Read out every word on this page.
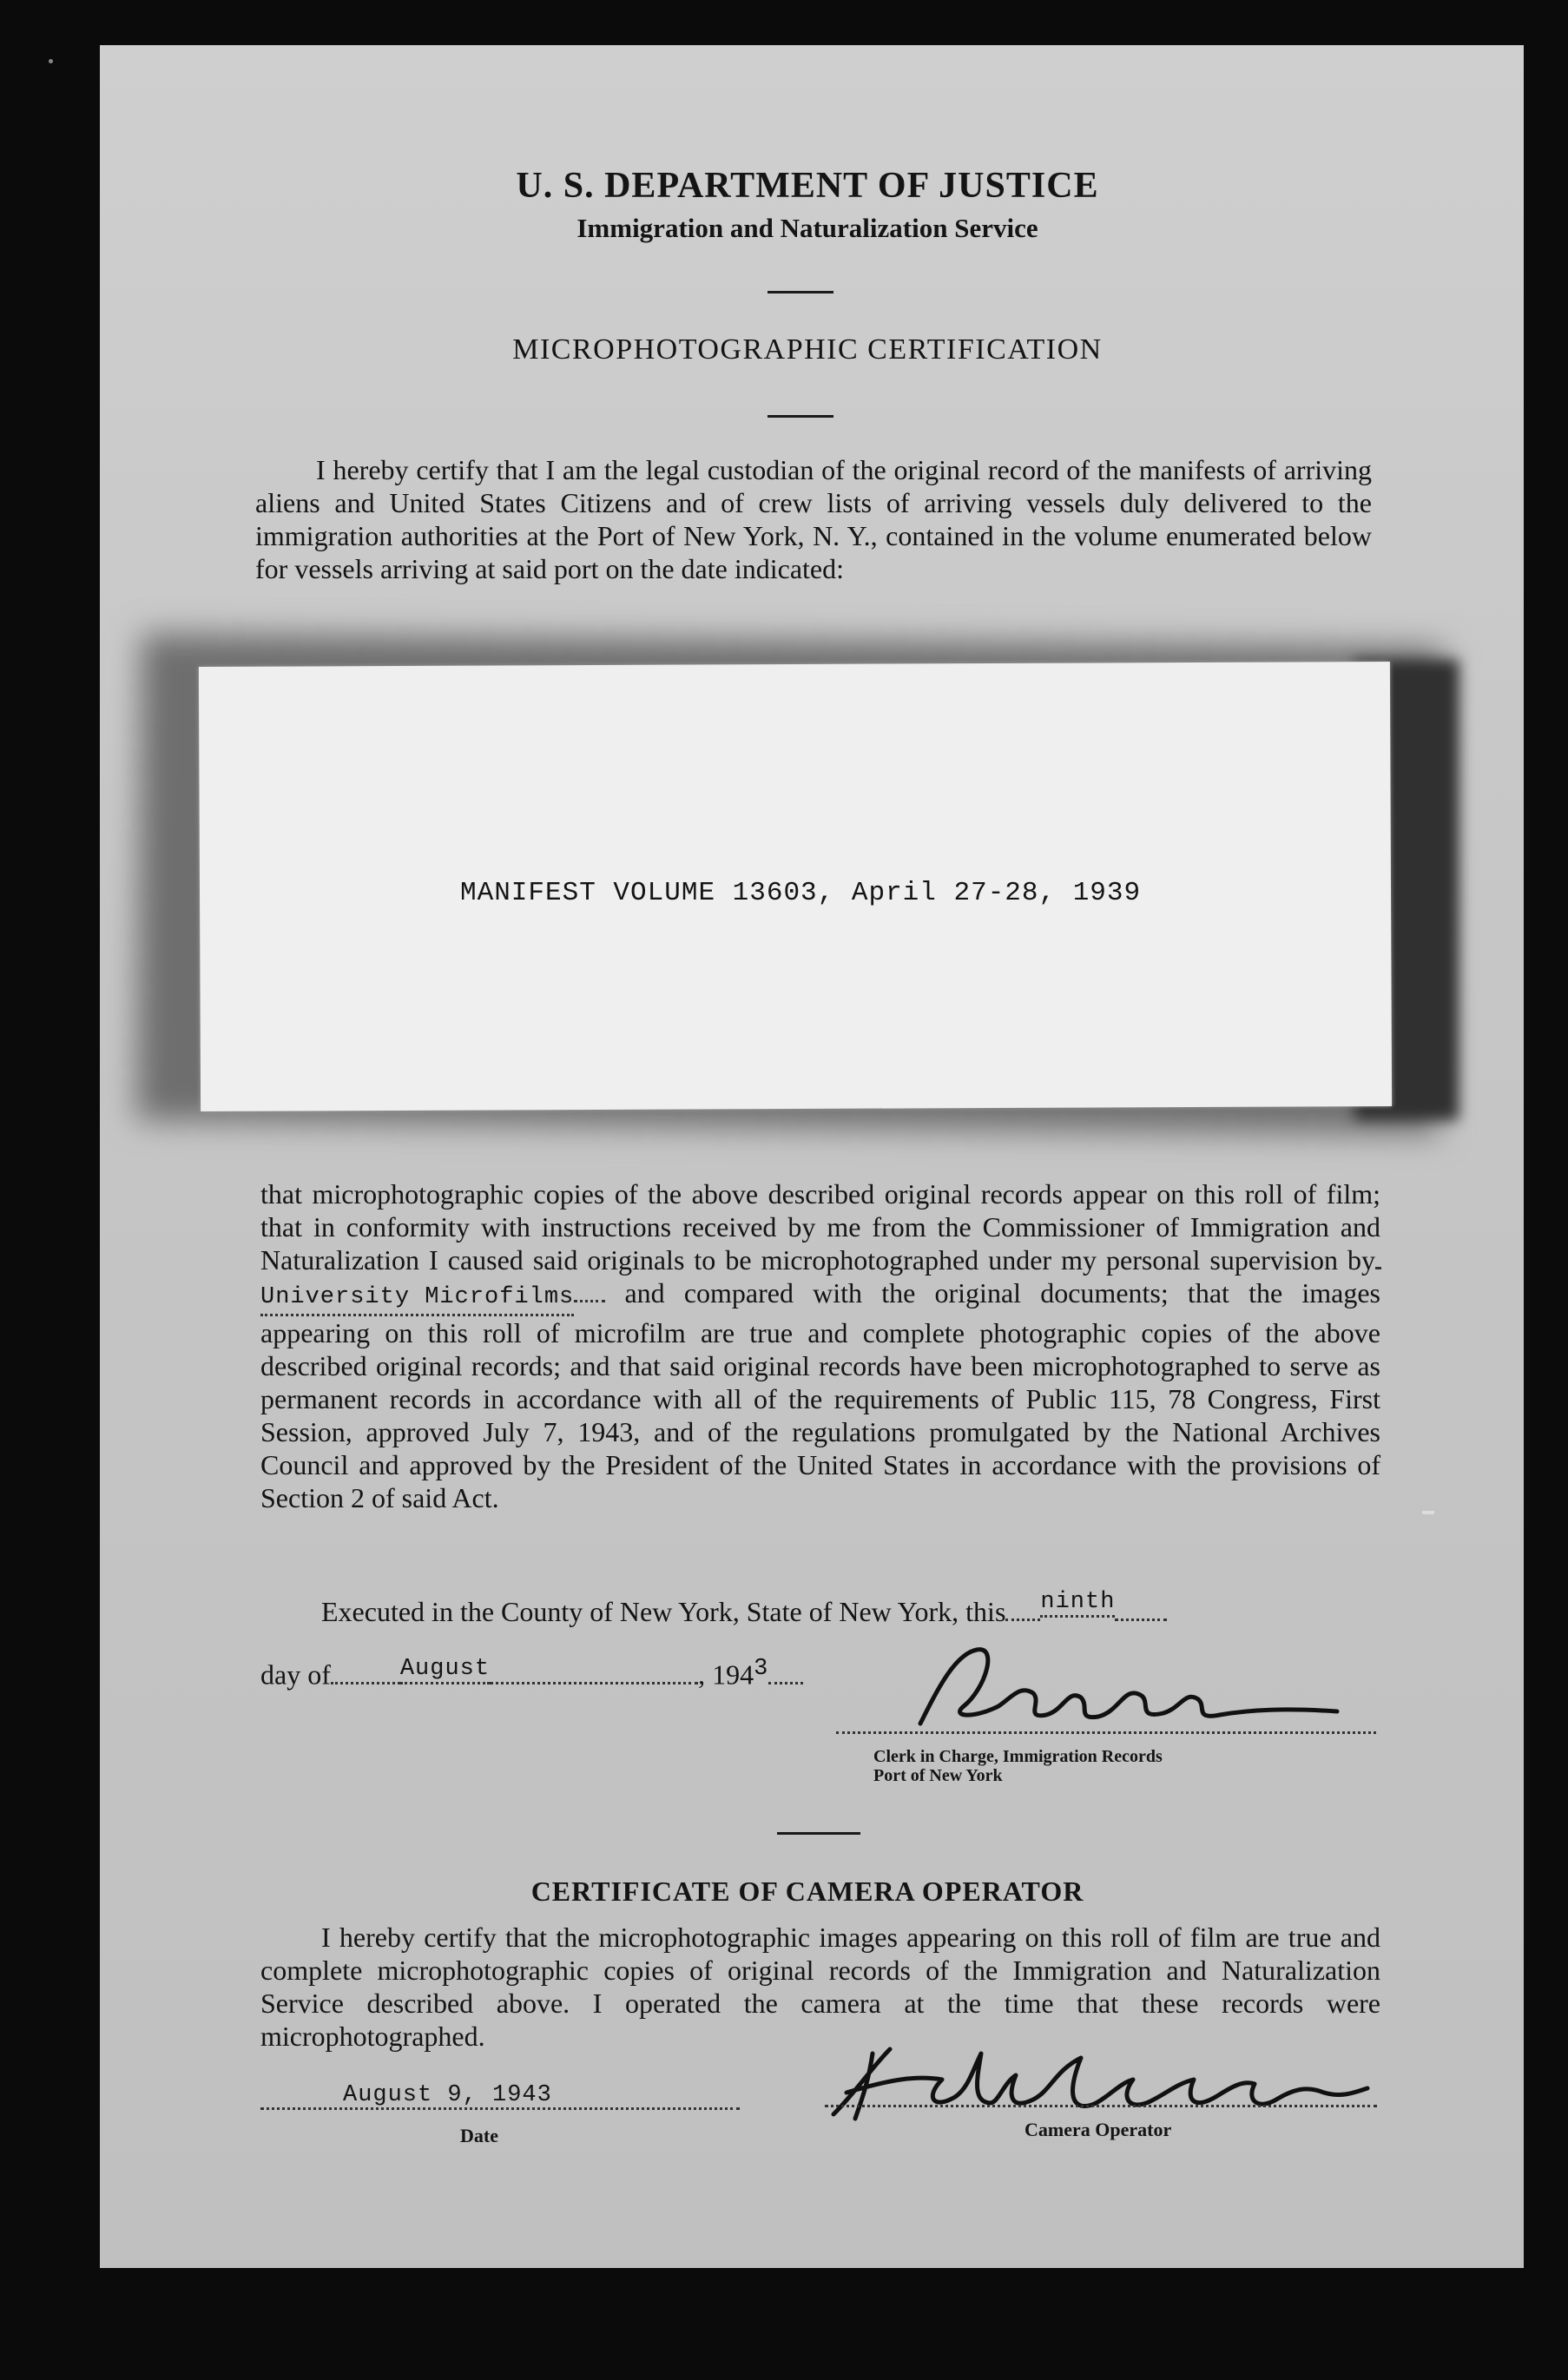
U. S. DEPARTMENT OF JUSTICE
Immigration and Naturalization Service
MICROPHOTOGRAPHIC CERTIFICATION
I hereby certify that I am the legal custodian of the original record of the manifests of arriving aliens and United States Citizens and of crew lists of arriving vessels duly delivered to the immigration authorities at the Port of New York, N. Y., contained in the volume enumerated below for vessels arriving at said port on the date indicated:
MANIFEST VOLUME 13603, April 27-28, 1939
that microphotographic copies of the above described original records appear on this roll of film; that in conformity with instructions received by me from the Commissioner of Immigration and Naturalization I caused said originals to be microphotographed under my personal supervision by University Microfilms and compared with the original documents; that the images appearing on this roll of microfilm are true and complete photographic copies of the above described original records; and that said original records have been microphotographed to serve as permanent records in accordance with all of the requirements of Public 115, 78 Congress, First Session, approved July 7, 1943, and of the regulations promulgated by the National Archives Council and approved by the President of the United States in accordance with the provisions of Section 2 of said Act.
Executed in the County of New York, State of New York, this ninth
day of	August	, $194^3$
Clerk in Charge, Immigration Records
Port of New York
CERTIFICATE OF CAMERA OPERATOR
I hereby certify that the microphotographic images appearing on this roll of film are true and complete microphotographic copies of original records of the Immigration and Naturalization Service described above. I operated the camera at the time that these records were microphotographed.
August 9, 1943
Date	Camera Operator
